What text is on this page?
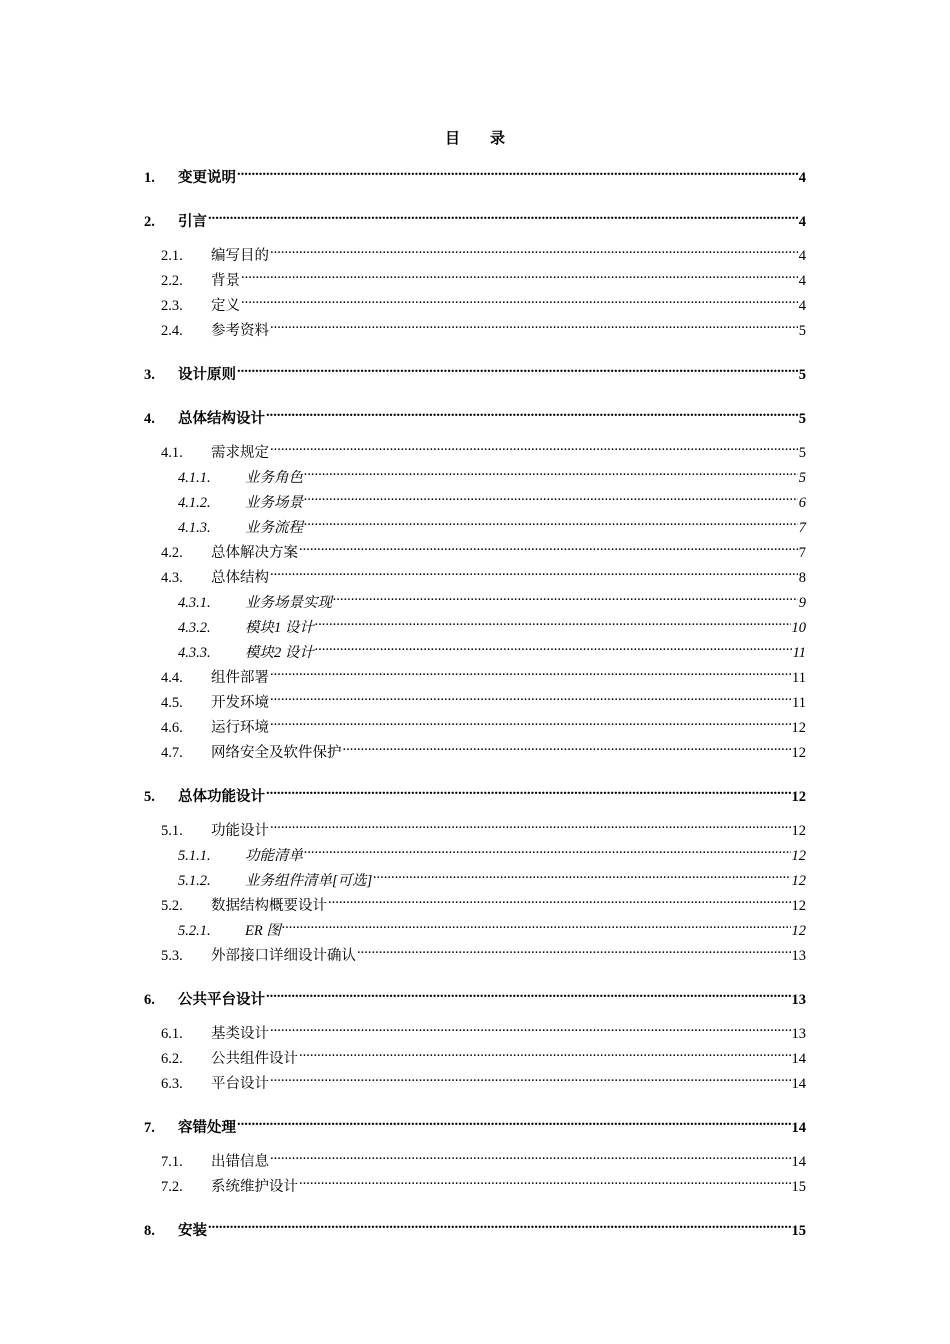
目　　录
1.	变更说明 .....	4
2.	引言 .....	4
2.1.	编写目的 .....	4
2.2.	背景 .....	4
2.3.	定义 .....	4
2.4.	参考资料 .....	5
3.	设计原则 .....	5
4.	总体结构设计 .....	5
4.1.	需求规定 .....	5
4.1.1.	业务角色 .....	5
4.1.2.	业务场景 .....	6
4.1.3.	业务流程 .....	7
4.2.	总体解决方案 .....	7
4.3.	总体结构 .....	8
4.3.1.	业务场景实现 .....	9
4.3.2.	模块1 设计 .....	10
4.3.3.	模块2 设计 .....	11
4.4.	组件部署 .....	11
4.5.	开发环境 .....	11
4.6.	运行环境 .....	12
4.7.	网络安全及软件保护 .....	12
5.	总体功能设计 .....	12
5.1.	功能设计 .....	12
5.1.1.	功能清单 .....	12
5.1.2.	业务组件清单[可选] .....	12
5.2.	数据结构概要设计 .....	12
5.2.1.	ER 图 .....	12
5.3.	外部接口详细设计确认 .....	13
6.	公共平台设计 .....	13
6.1.	基类设计 .....	13
6.2.	公共组件设计 .....	14
6.3.	平台设计 .....	14
7.	容错处理 .....	14
7.1.	出错信息 .....	14
7.2.	系统维护设计 .....	15
8.	安装 .....	15
